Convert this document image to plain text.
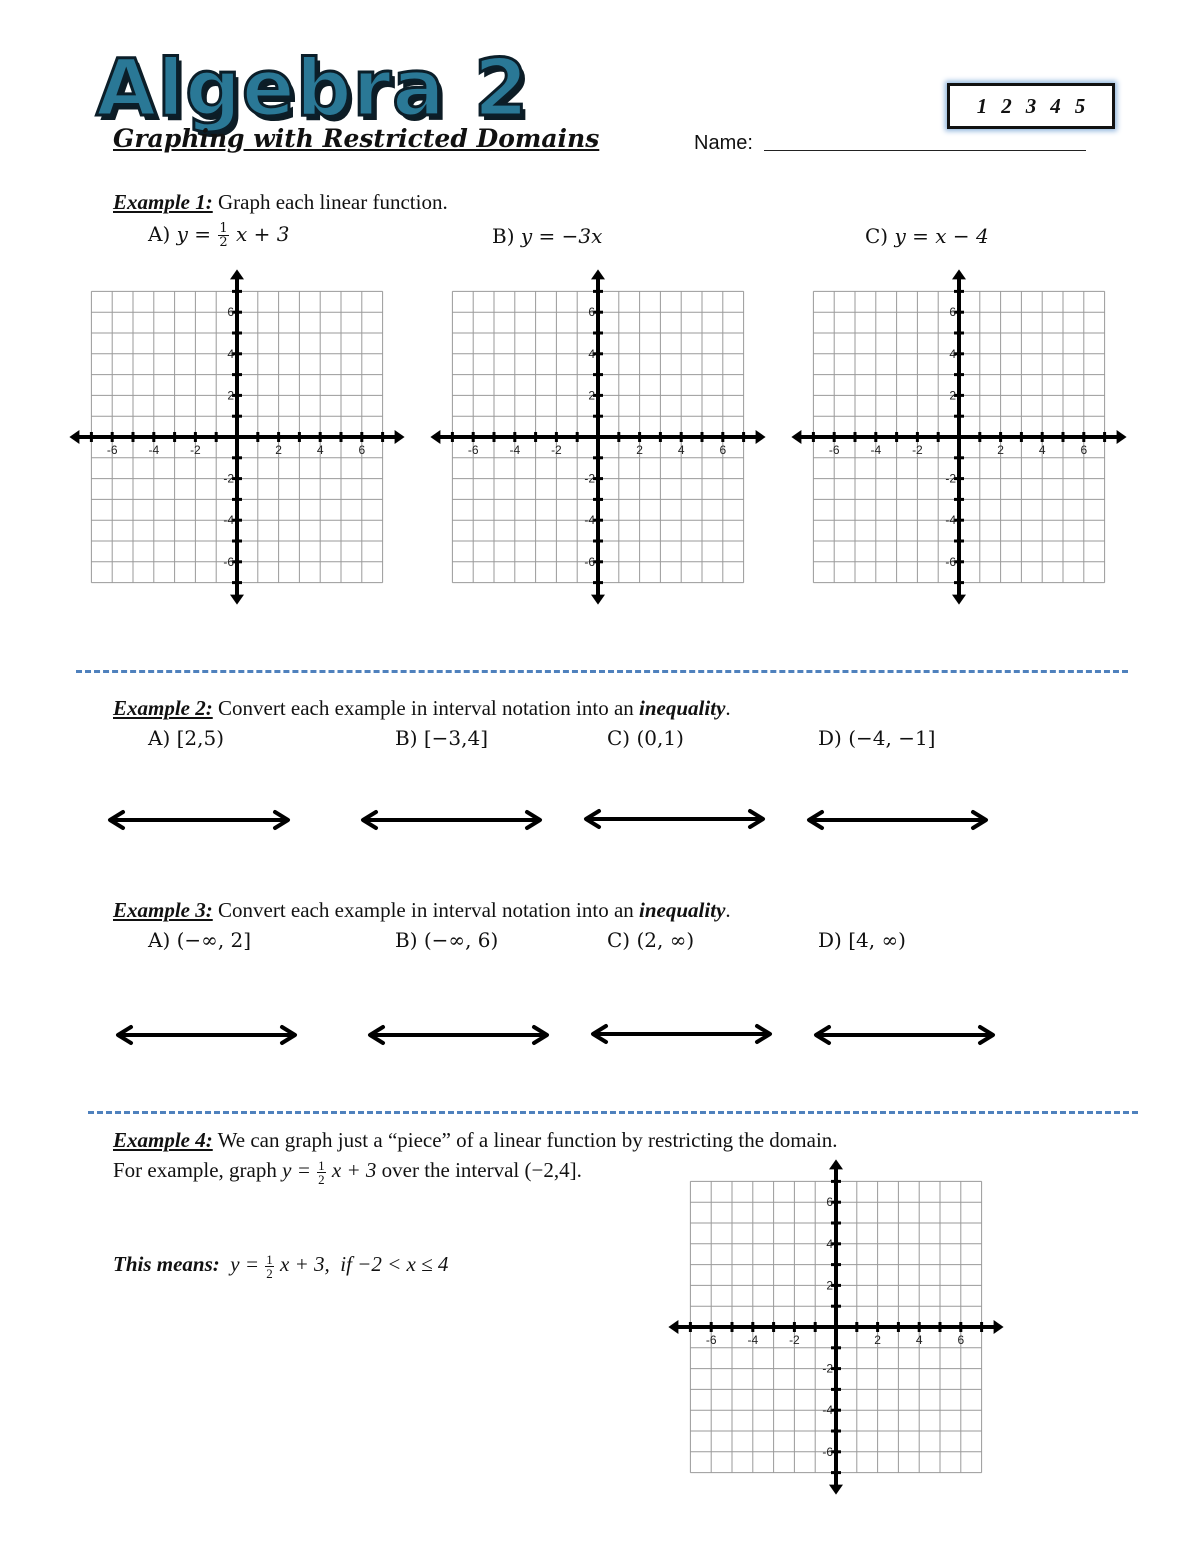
Algebra 2
Graphing with Restricted Domains	Name:
1 2 3 4 5
Example 1: Graph each linear function.
A) $y = \frac{1}{2}$ x + 3	B) y = −3x	C) y = x − 4
-6	-4	-2	2	4	6
6
4
2
-2
-4
-6
-6	-4	-2	2	4	6
6
4
2
-2
-4
-6
-6	-4	-2	2	4	6
6
4
2
-2
-4
-6
Example 2: Convert each example in interval notation into an inequality.
A) [2,5)	B) [−3,4]	C) (0,1)	D) (−4, −1]
Example 3: Convert each example in interval notation into an inequality.
A) (−∞, 2]	B) (−∞, 6)	C) (2, ∞)	D) [4, ∞)
Example 4: We can graph just a “piece” of a linear function by restricting the domain.
For example, graph $y = \frac{1}{2}$ x + 3 over the interval (−2,4].
This means: $y = \frac{1}{2}$ x + 3, if −2 < x ≤ 4
-6	-4	-2	2	4	6
6
4
2
-2
-4
-6
